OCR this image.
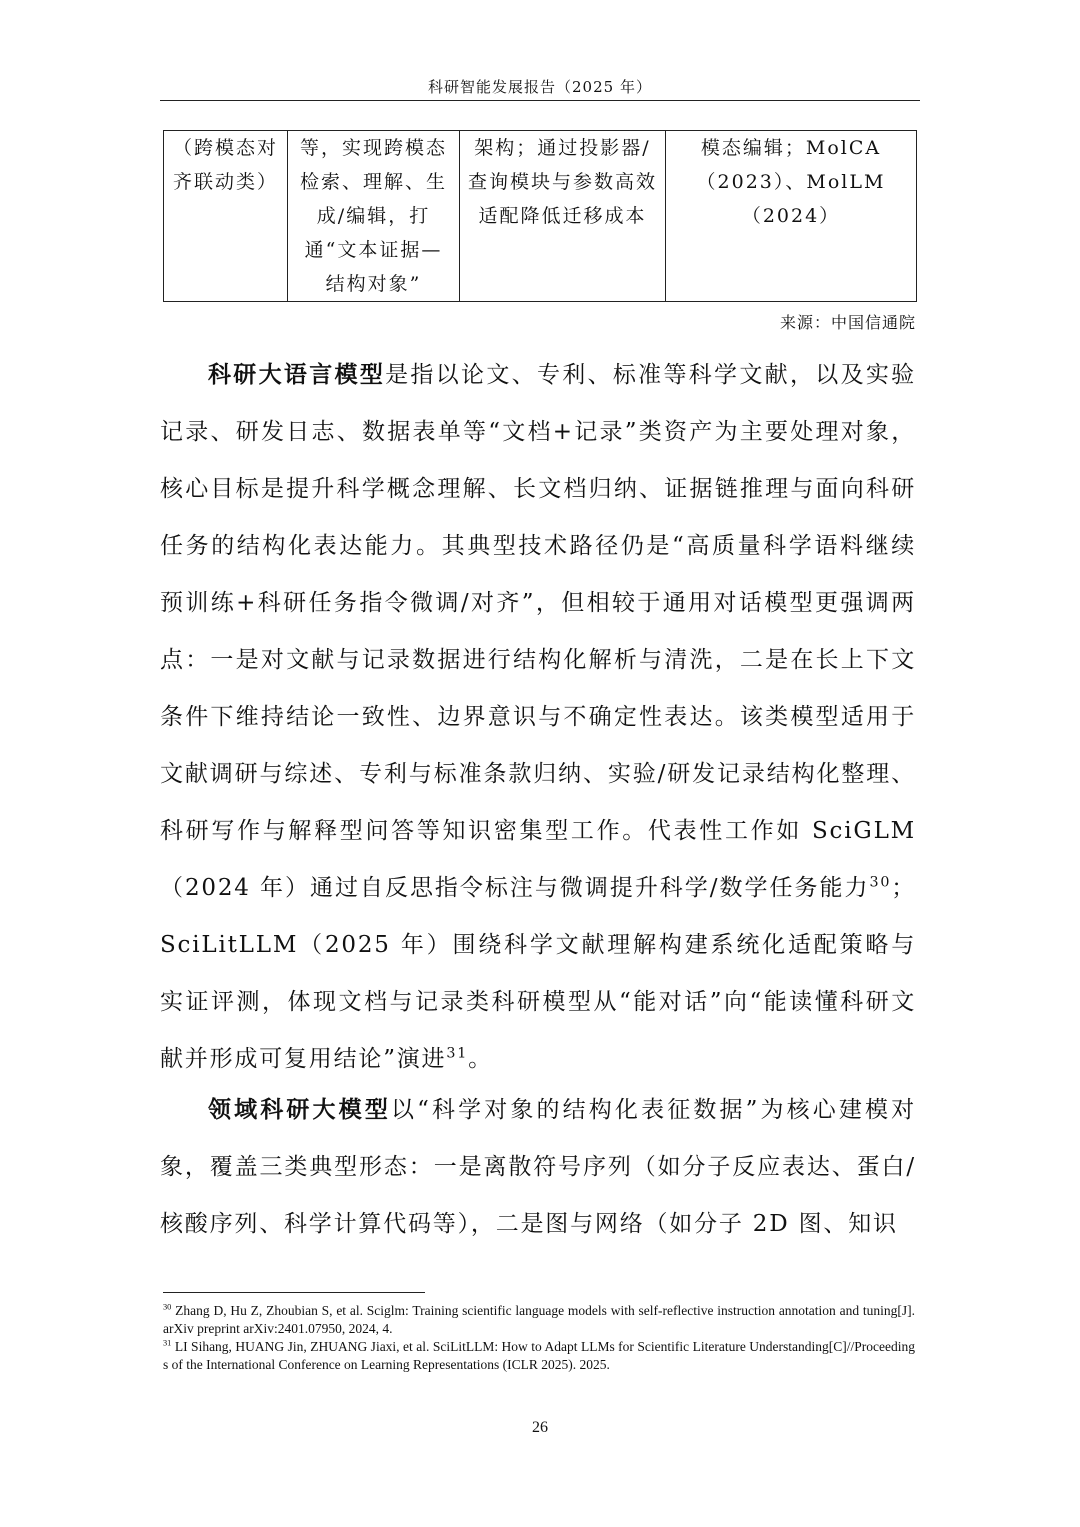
科研智能发展报告（2025 年）
（跨模态对齐联动类）	等，实现跨模态检索、理解、生成/编辑，打通“文本证据—结构对象”	架构；通过投影器/查询模块与参数高效适配降低迁移成本	模态编辑；MolCA（2023）、MolLM（2024）
来源：中国信通院

科研大语言模型是指以论文、专利、标准等科学文献，以及实验记录、研发日志、数据表单等“文档+记录”类资产为主要处理对象，核心目标是提升科学概念理解、长文档归纳、证据链推理与面向科研任务的结构化表达能力。其典型技术路径仍是“高质量科学语料继续预训练+科研任务指令微调/对齐”，但相较于通用对话模型更强调两点：一是对文献与记录数据进行结构化解析与清洗，二是在长上下文条件下维持结论一致性、边界意识与不确定性表达。该类模型适用于文献调研与综述、专利与标准条款归纳、实验/研发记录结构化整理、科研写作与解释型问答等知识密集型工作。代表性工作如 SciGLM（2024 年）通过自反思指令标注与微调提升科学/数学任务能力$^{30}$；SciLitLLM（2025 年）围绕科学文献理解构建系统化适配策略与实证评测，体现文档与记录类科研模型从“能对话”向“能读懂科研文献并形成可复用结论”演进$^{31}$。

领域科研大模型以“科学对象的结构化表征数据”为核心建模对象，覆盖三类典型形态：一是离散符号序列（如分子反应表达、蛋白/核酸序列、科学计算代码等），二是图与网络（如分子 2D 图、知识

$^{30}$ Zhang D, Hu Z, Zhoubian S, et al. Sciglm: Training scientific language models with self-reflective instruction annotation and tuning[J]. arXiv preprint arXiv:2401.07950, 2024, 4.

$^{31}$ LI Sihang, HUANG Jin, ZHUANG Jiaxi, et al. SciLitLLM: How to Adapt LLMs for Scientific Literature Understanding[C]//Proceedings of the International Conference on Learning Representations (ICLR 2025). 2025.

26
